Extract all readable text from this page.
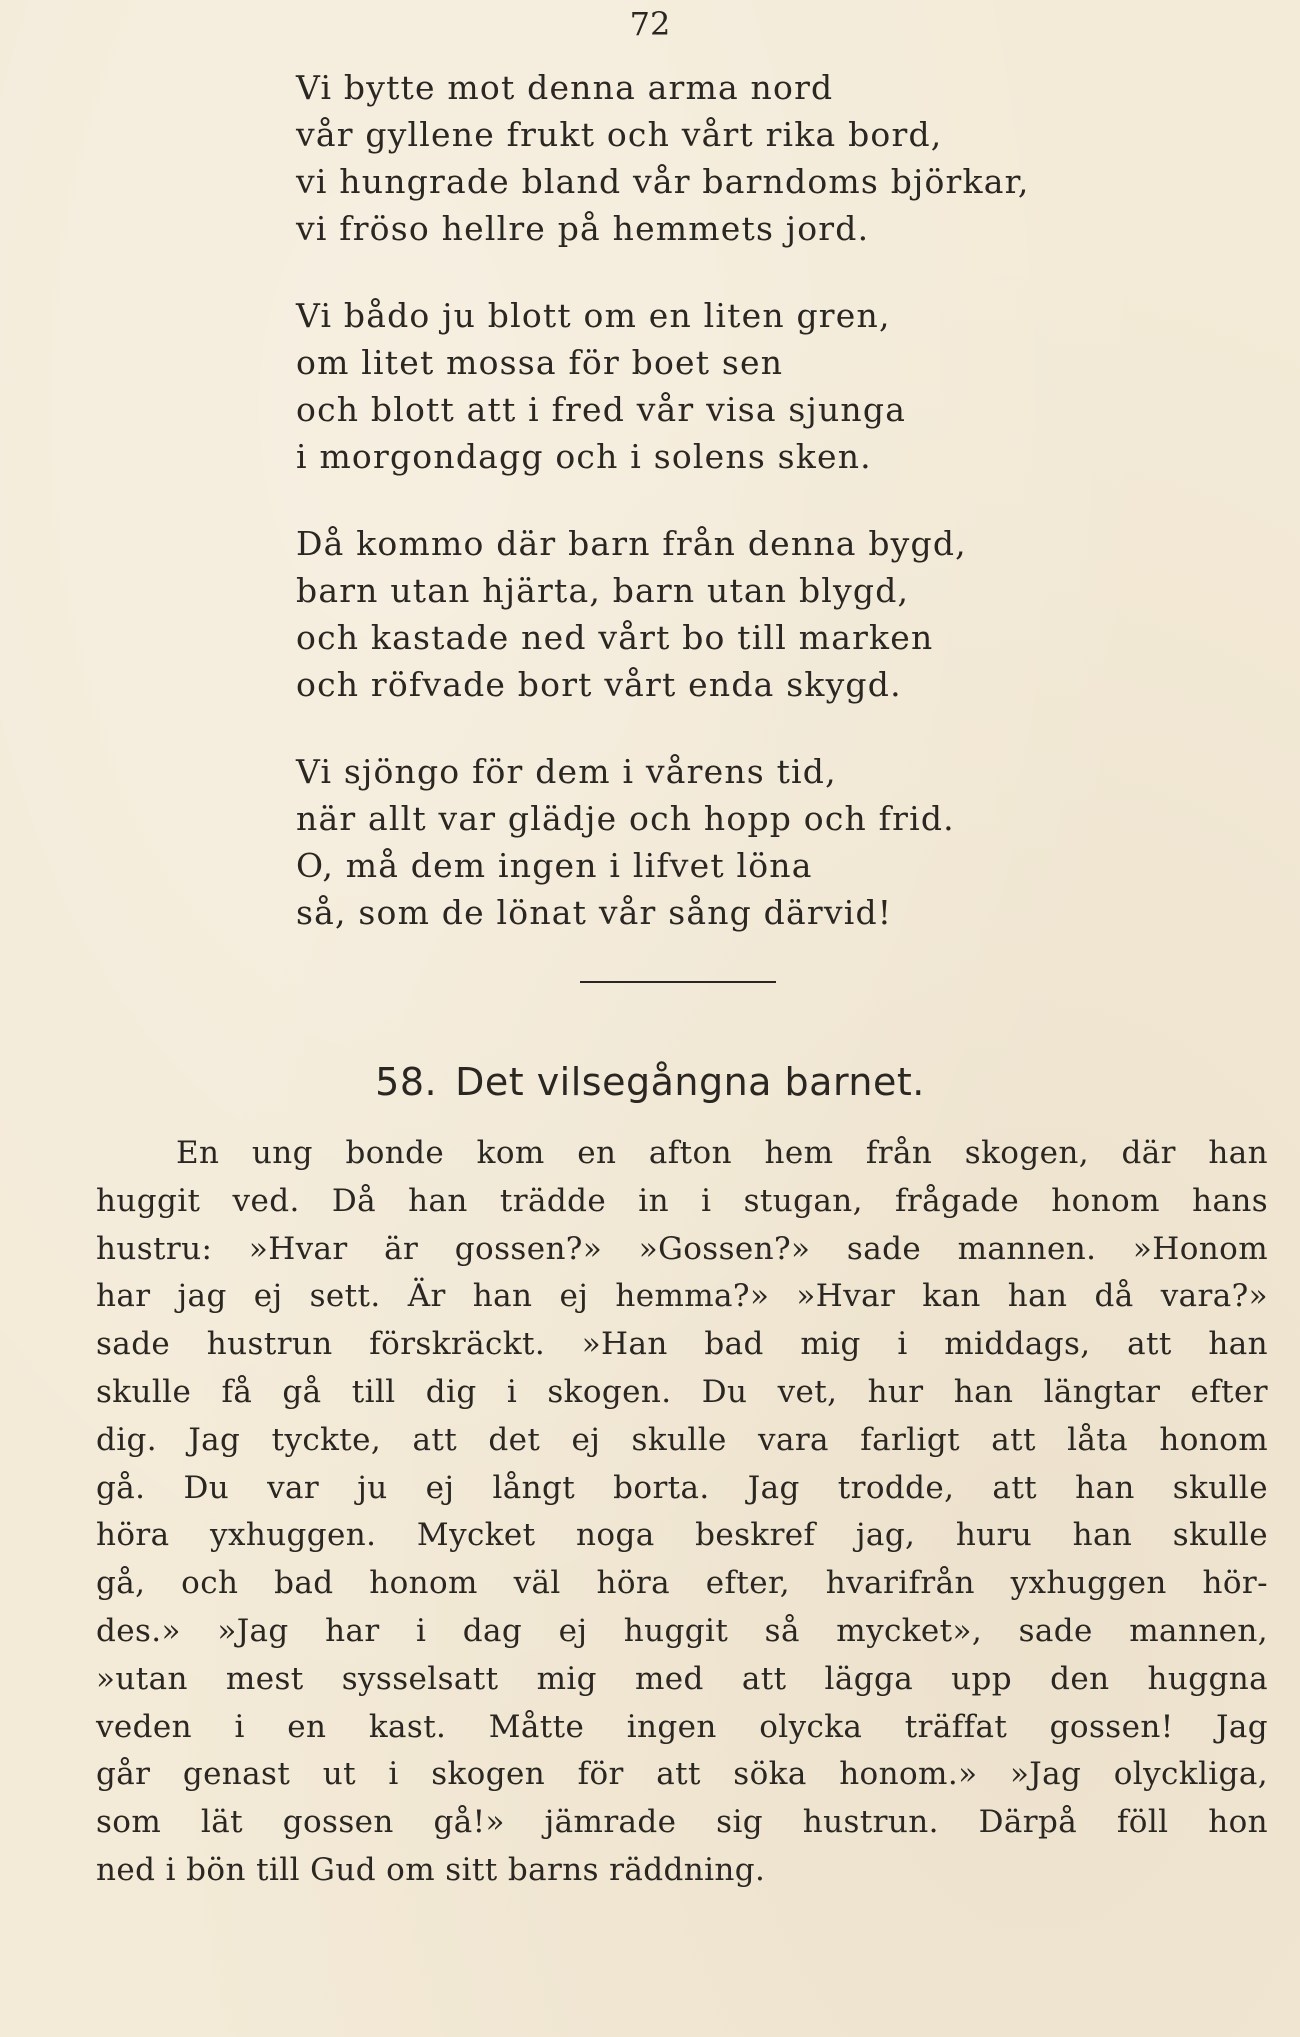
72
Vi bytte mot denna arma nord
vår gyllene frukt och vårt rika bord,
vi hungrade bland vår barndoms björkar,
vi fröso hellre på hemmets jord.
Vi bådo ju blott om en liten gren,
om litet mossa för boet sen
och blott att i fred vår visa sjunga
i morgondagg och i solens sken.
Då kommo där barn från denna bygd,
barn utan hjärta, barn utan blygd,
och kastade ned vårt bo till marken
och röfvade bort vårt enda skygd.
Vi sjöngo för dem i vårens tid,
när allt var glädje och hopp och frid.
O, må dem ingen i lifvet löna
så, som de lönat vår sång därvid!
58. Det vilsegångna barnet.
En ung bonde kom en afton hem från skogen, där han
huggit ved. Då han trädde in i stugan, frågade honom hans
hustru: »Hvar är gossen?» »Gossen?» sade mannen. »Honom
har jag ej sett. Är han ej hemma?» »Hvar kan han då vara?»
sade hustrun förskräckt. »Han bad mig i middags, att han
skulle få gå till dig i skogen. Du vet, hur han längtar efter
dig. Jag tyckte, att det ej skulle vara farligt att låta honom
gå. Du var ju ej långt borta. Jag trodde, att han skulle
höra yxhuggen. Mycket noga beskref jag, huru han skulle
gå, och bad honom väl höra efter, hvarifrån yxhuggen hör-
des.» »Jag har i dag ej huggit så mycket», sade mannen,
»utan mest sysselsatt mig med att lägga upp den huggna
veden i en kast. Måtte ingen olycka träffat gossen! Jag
går genast ut i skogen för att söka honom.» »Jag olyckliga,
som lät gossen gå!» jämrade sig hustrun. Därpå föll hon
ned i bön till Gud om sitt barns räddning.
